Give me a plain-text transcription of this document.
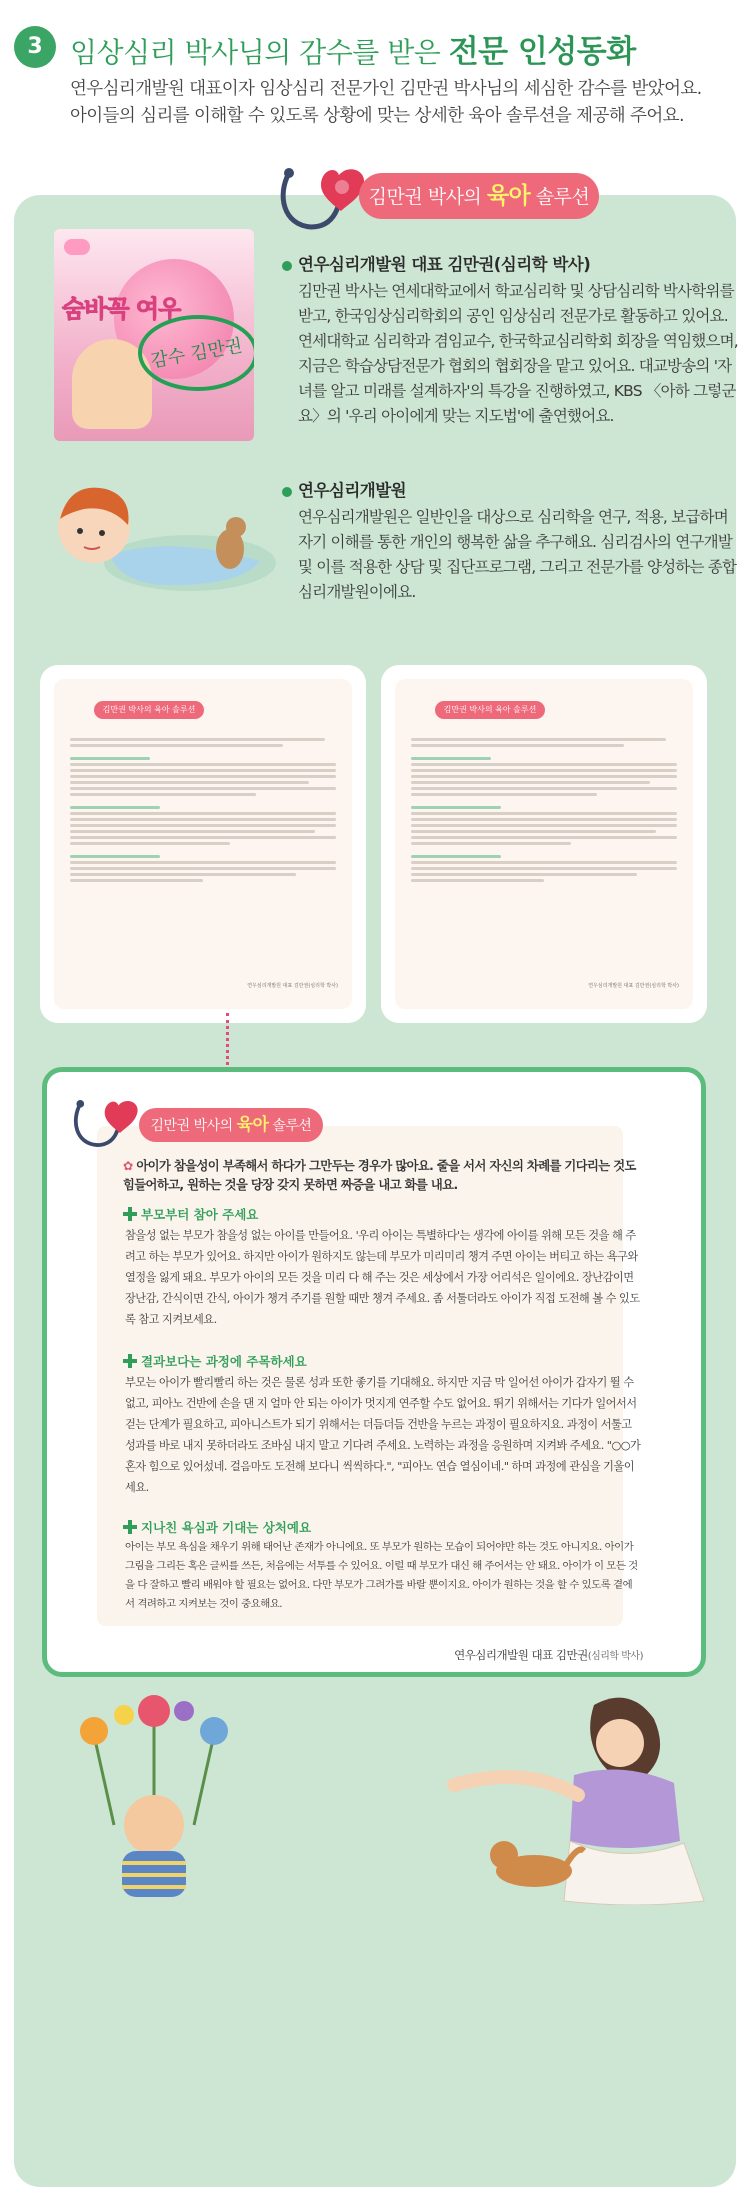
3 임상심리 박사님의 감수를 받은 전문 인성동화
연우심리개발원 대표이자 임상심리 전문가인 김만권 박사님의 세심한 감수를 받았어요. 아이들의 심리를 이해할 수 있도록 상황에 맞는 상세한 육아 솔루션을 제공해 주어요.
김만권 박사의 육아 솔루션
숨바꼭 여우
감수 김만권
연우심리개발원 대표 김만권(심리학 박사)
김만권 박사는 연세대학교에서 학교심리학 및 상담심리학 박사학위를 받고, 한국임상심리학회의 공인 임상심리 전문가로 활동하고 있어요. 연세대학교 심리학과 겸임교수, 한국학교심리학회 회장을 역임했으며, 지금은 학습상담전문가 협회의 협회장을 맡고 있어요. 대교방송의 '자녀를 알고 미래를 설계하자'의 특강을 진행하였고, KBS 〈아하 그렇군요〉의 '우리 아이에게 맞는 지도법'에 출연했어요.
연우심리개발원
연우심리개발원은 일반인을 대상으로 심리학을 연구, 적용, 보급하며 자기 이해를 통한 개인의 행복한 삶을 추구해요. 심리검사의 연구개발 및 이를 적용한 상담 및 집단프로그램, 그리고 전문가를 양성하는 종합심리개발원이에요.
김만권 박사의 육아 솔루션
연우심리개발원 대표 김만권(심리학 박사)
김만권 박사의 육아 솔루션
연우심리개발원 대표 김만권(심리학 박사)
김만권 박사의 육아 솔루션
✿ 아이가 참을성이 부족해서 하다가 그만두는 경우가 많아요. 줄을 서서 자신의 차례를 기다리는 것도 힘들어하고, 원하는 것을 당장 갖지 못하면 짜증을 내고 화를 내요.
부모부터 참아 주세요
참을성 없는 부모가 참을성 없는 아이를 만들어요. '우리 아이는 특별하다'는 생각에 아이를 위해 모든 것을 해 주려고 하는 부모가 있어요. 하지만 아이가 원하지도 않는데 부모가 미리미리 챙겨 주면 아이는 버티고 하는 욕구와 열정을 잃게 돼요. 부모가 아이의 모든 것을 미리 다 해 주는 것은 세상에서 가장 어리석은 일이에요. 장난감이면 장난감, 간식이면 간식, 아이가 챙겨 주기를 원할 때만 챙겨 주세요. 좀 서툴더라도 아이가 직접 도전해 볼 수 있도록 참고 지켜보세요.
결과보다는 과정에 주목하세요
부모는 아이가 빨리빨리 하는 것은 물론 성과 또한 좋기를 기대해요. 하지만 지금 막 일어선 아이가 갑자기 뛸 수 없고, 피아노 건반에 손을 댄 지 얼마 안 되는 아이가 멋지게 연주할 수도 없어요. 뛰기 위해서는 기다가 일어서서 걷는 단계가 필요하고, 피아니스트가 되기 위해서는 더듬더듬 건반을 누르는 과정이 필요하지요. 과정이 서툴고 성과를 바로 내지 못하더라도 조바심 내지 말고 기다려 주세요. 노력하는 과정을 응원하며 지켜봐 주세요. "○○가 혼자 힘으로 있어섰네. 걸음마도 도전해 보다니 씩씩하다.", "피아노 연습 열심이네." 하며 과정에 관심을 기울이세요.
지나친 욕심과 기대는 상처예요
아이는 부모 욕심을 채우기 위해 태어난 존재가 아니에요. 또 부모가 원하는 모습이 되어야만 하는 것도 아니지요. 아이가 그림을 그리든 혹은 글씨를 쓰든, 처음에는 서투를 수 있어요. 이럴 때 부모가 대신 해 주어서는 안 돼요. 아이가 이 모든 것을 다 잘하고 빨리 배워야 할 필요는 없어요. 다만 부모가 그려가를 바랄 뿐이지요. 아이가 원하는 것을 할 수 있도록 곁에서 격려하고 지켜보는 것이 중요해요.
연우심리개발원 대표 김만권(심리학 박사)
